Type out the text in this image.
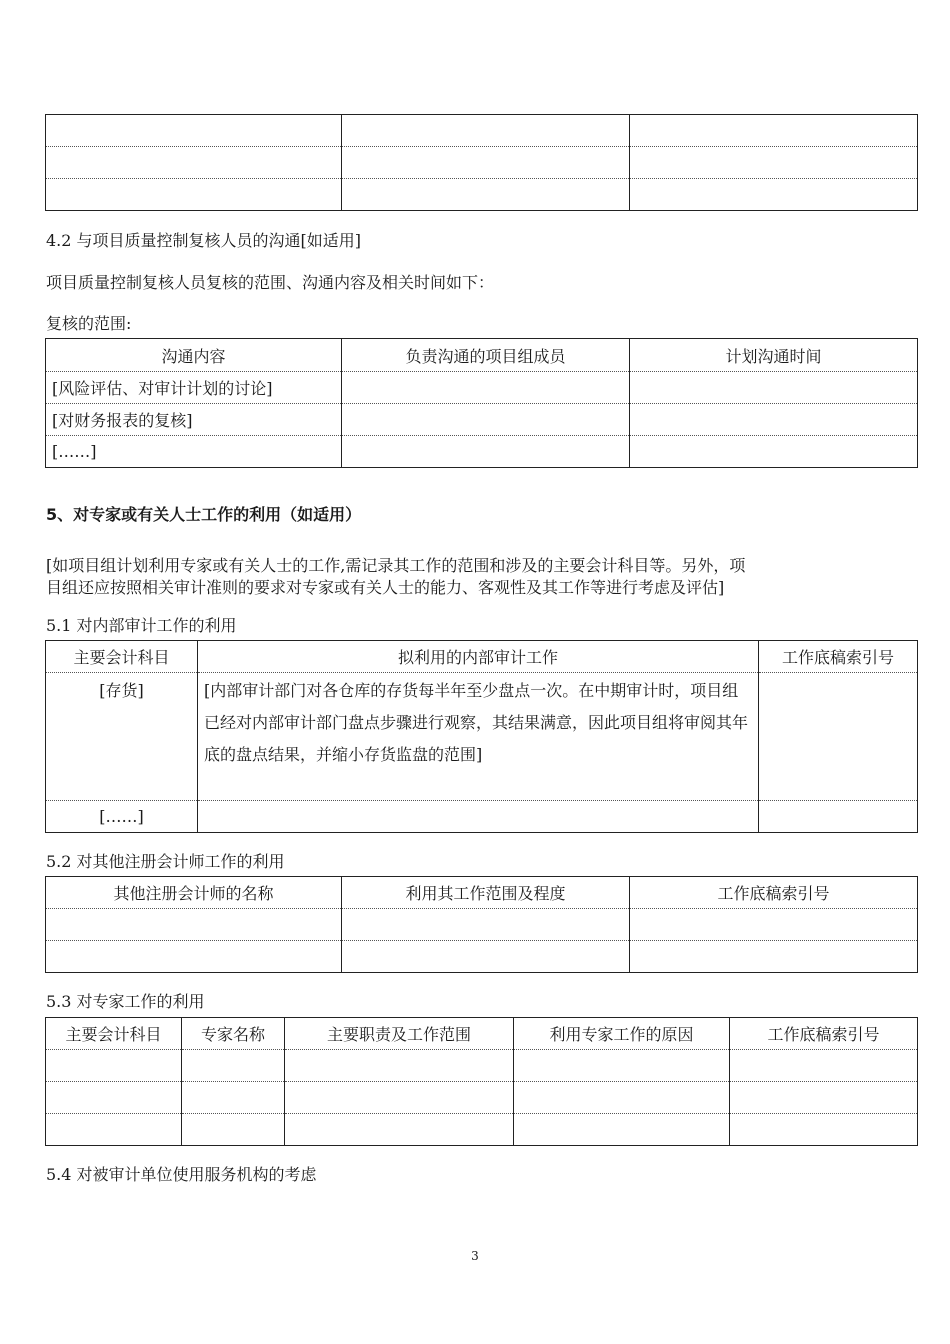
4.2 与项目质量控制复核人员的沟通[如适用]
项目质量控制复核人员复核的范围、沟通内容及相关时间如下：
复核的范围:
沟通内容	负责沟通的项目组成员	计划沟通时间
[风险评估、对审计计划的讨论]		
[对财务报表的复核]		
[……]		
5、对专家或有关人士工作的利用（如适用）
[如项目组计划利用专家或有关人士的工作,需记录其工作的范围和涉及的主要会计科目等。另外，项
目组还应按照相关审计准则的要求对专家或有关人士的能力、客观性及其工作等进行考虑及评估]
5.1 对内部审计工作的利用
主要会计科目	拟利用的内部审计工作	工作底稿索引号
[存货]	[内部审计部门对各仓库的存货每半年至少盘点一次。在中期审计时，项目组已经对内部审计部门盘点步骤进行观察，其结果满意，因此项目组将审阅其年底的盘点结果，并缩小存货监盘的范围]	
[……]		
5.2 对其他注册会计师工作的利用
其他注册会计师的名称	利用其工作范围及程度	工作底稿索引号

5.3 对专家工作的利用
主要会计科目	专家名称	主要职责及工作范围	利用专家工作的原因	工作底稿索引号

5.4 对被审计单位使用服务机构的考虑
3
